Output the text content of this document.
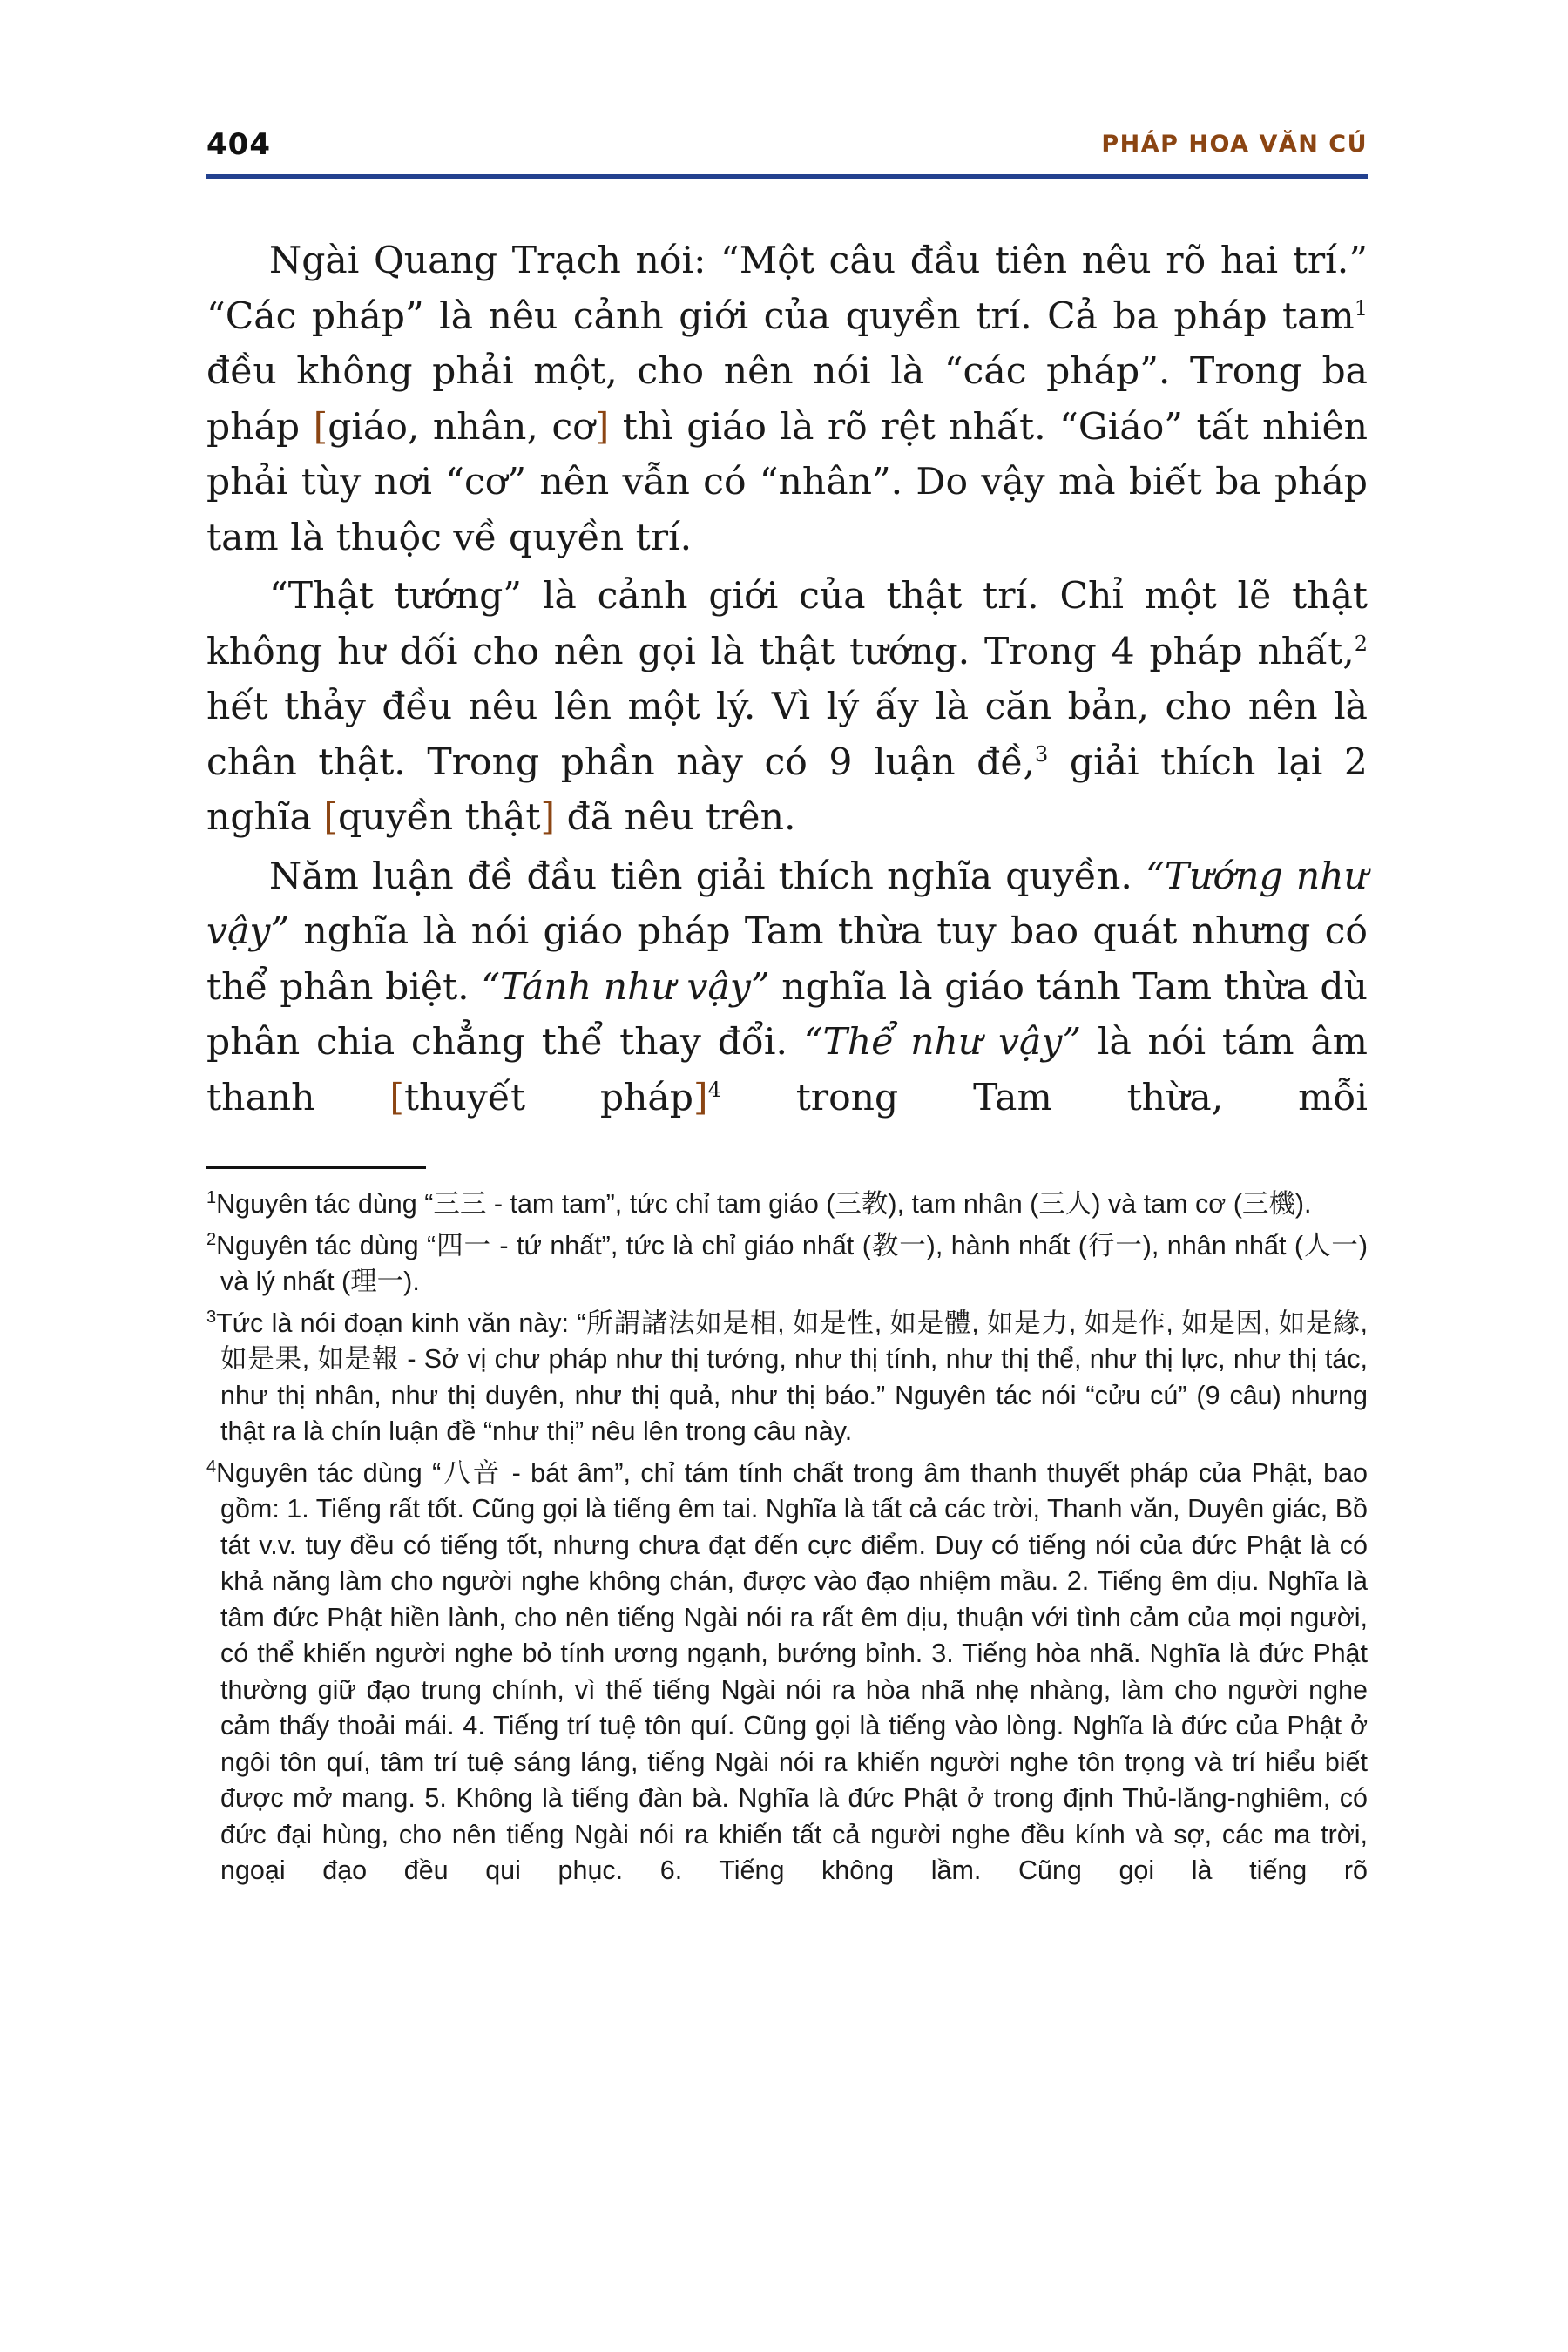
404	PHÁP HOA VĂN CÚ

Ngài Quang Trạch nói: “Một câu đầu tiên nêu rõ hai trí.” “Các pháp” là nêu cảnh giới của quyền trí. Cả ba pháp tam$^1$ đều không phải một, cho nên nói là “các pháp”. Trong ba pháp [giáo, nhân, cơ] thì giáo là rõ rệt nhất. “Giáo” tất nhiên phải tùy nơi “cơ” nên vẫn có “nhân”. Do vậy mà biết ba pháp tam là thuộc về quyền trí.

“Thật tướng” là cảnh giới của thật trí. Chỉ một lẽ thật không hư dối cho nên gọi là thật tướng. Trong 4 pháp nhất,$^2$ hết thảy đều nêu lên một lý. Vì lý ấy là căn bản, cho nên là chân thật. Trong phần này có 9 luận đề,$^3$ giải thích lại 2 nghĩa [quyền thật] đã nêu trên.

Năm luận đề đầu tiên giải thích nghĩa quyền. “Tướng như vậy” nghĩa là nói giáo pháp Tam thừa tuy bao quát nhưng có thể phân biệt. “Tánh như vậy” nghĩa là giáo tánh Tam thừa dù phân chia chẳng thể thay đổi. “Thể như vậy” là nói tám âm thanh [thuyết pháp]$^4$ trong Tam thừa, mỗi

$^1$Nguyên tác dùng “三三 - tam tam”, tức chỉ tam giáo (三教), tam nhân (三人) và tam cơ (三機).
$^2$Nguyên tác dùng “四一 - tứ nhất”, tức là chỉ giáo nhất (教一), hành nhất (行一), nhân nhất (人一) và lý nhất (理一).
$^3$Tức là nói đoạn kinh văn này: “所謂諸法如是相, 如是性, 如是體, 如是力, 如是作, 如是因, 如是緣, 如是果, 如是報 - Sở vị chư pháp như thị tướng, như thị tính, như thị thể, như thị lực, như thị tác, như thị nhân, như thị duyên, như thị quả, như thị báo.” Nguyên tác nói “cửu cú” (9 câu) nhưng thật ra là chín luận đề “như thị” nêu lên trong câu này.
$^4$Nguyên tác dùng “八音 - bát âm”, chỉ tám tính chất trong âm thanh thuyết pháp của Phật, bao gồm: 1. Tiếng rất tốt. Cũng gọi là tiếng êm tai. Nghĩa là tất cả các trời, Thanh văn, Duyên giác, Bồ tát v.v. tuy đều có tiếng tốt, nhưng chưa đạt đến cực điểm. Duy có tiếng nói của đức Phật là có khả năng làm cho người nghe không chán, được vào đạo nhiệm mầu. 2. Tiếng êm dịu. Nghĩa là tâm đức Phật hiền lành, cho nên tiếng Ngài nói ra rất êm dịu, thuận với tình cảm của mọi người, có thể khiến người nghe bỏ tính ương ngạnh, bướng bỉnh. 3. Tiếng hòa nhã. Nghĩa là đức Phật thường giữ đạo trung chính, vì thế tiếng Ngài nói ra hòa nhã nhẹ nhàng, làm cho người nghe cảm thấy thoải mái. 4. Tiếng trí tuệ tôn quí. Cũng gọi là tiếng vào lòng. Nghĩa là đức của Phật ở ngôi tôn quí, tâm trí tuệ sáng láng, tiếng Ngài nói ra khiến người nghe tôn trọng và trí hiểu biết được mở mang. 5. Không là tiếng đàn bà. Nghĩa là đức Phật ở trong định Thủ-lăng-nghiêm, có đức đại hùng, cho nên tiếng Ngài nói ra khiến tất cả người nghe đều kính và sợ, các ma trời, ngoại đạo đều qui phục. 6. Tiếng không lầm. Cũng gọi là tiếng rõ
